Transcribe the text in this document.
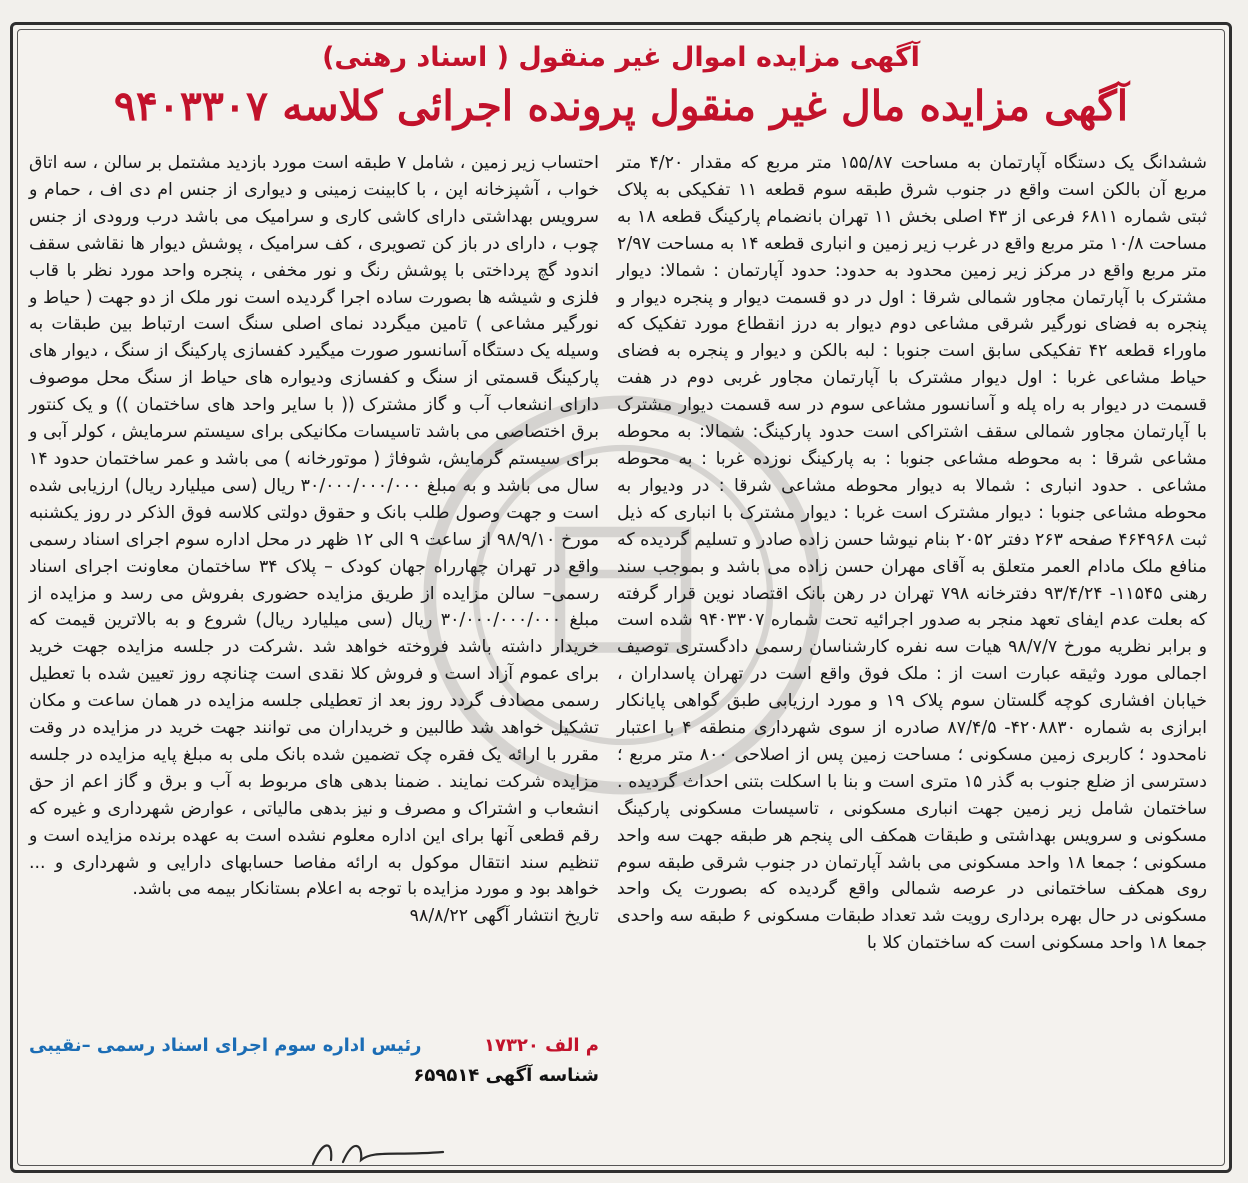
آگهی مزایده اموال غیر منقول ( اسناد رهنی)
آگهی مزایده مال غیر منقول پرونده اجرائی کلاسه ۹۴۰۳۳۰۷

ششدانگ یک دستگاه آپارتمان به مساحت ۱۵۵/۸۷ متر مربع که مقدار ۴/۲۰ متر مربع آن بالکن است واقع در جنوب شرق طبقه سوم قطعه ۱۱ تفکیکی به پلاک ثبتی شماره ۶۸۱۱ فرعی از ۴۳ اصلی بخش ۱۱ تهران بانضمام پارکینگ قطعه ۱۸ به مساحت ۱۰/۸ متر مربع واقع در غرب زیر زمین و انباری قطعه ۱۴ به مساحت ۲/۹۷ متر مربع واقع در مرکز زیر زمین محدود به حدود: حدود آپارتمان : شمالا: دیوار مشترک با آپارتمان مجاور شمالی شرقا : اول در دو قسمت دیوار و پنجره دیوار و پنجره به فضای نورگیر شرقی مشاعی دوم دیوار به درز انقطاع مورد تفکیک که ماوراء قطعه ۴۲ تفکیکی سابق است جنوبا : لبه بالکن و دیوار و پنجره به فضای حیاط مشاعی غربا : اول دیوار مشترک با آپارتمان مجاور غربی دوم در هفت قسمت در دیوار به راه پله و آسانسور مشاعی سوم در سه قسمت دیوار مشترک با آپارتمان مجاور شمالی سقف اشتراکی است حدود پارکینگ: شمالا: به محوطه مشاعی شرقا : به محوطه مشاعی جنوبا : به پارکینگ نوزده غربا : به محوطه مشاعی . حدود انباری : شمالا به دیوار محوطه مشاعی شرقا : در ودیوار به محوطه مشاعی جنوبا : دیوار مشترک است غربا : دیوار مشترک با انباری که ذیل ثبت ۴۶۴۹۶۸ صفحه ۲۶۳ دفتر ۲۰۵۲ بنام نیوشا حسن زاده صادر و تسلیم گردیده که منافع ملک مادام العمر متعلق به آقای مهران حسن زاده می باشد و بموجب سند رهنی ۱۱۵۴۵- ۹۳/۴/۲۴ دفترخانه ۷۹۸ تهران در رهن بانک اقتصاد نوین قرار گرفته که بعلت عدم ایفای تعهد منجر به صدور اجرائیه تحت شماره ۹۴۰۳۳۰۷ شده است و برابر نظریه مورخ ۹۸/۷/۷ هیات سه نفره کارشناسان رسمی دادگستری توصیف اجمالی مورد وثیقه عبارت است از : ملک فوق واقع است در تهران پاسداران ، خیابان افشاری کوچه گلستان سوم پلاک ۱۹ و مورد ارزیابی طبق گواهی پایانکار ابرازی به شماره ۴۲۰۸۸۳۰- ۸۷/۴/۵ صادره از سوی شهرداری منطقه ۴ با اعتبار نامحدود ؛ کاربری زمین مسکونی ؛ مساحت زمین پس از اصلاحی ۸۰۰ متر مربع ؛ دسترسی از ضلع جنوب به گذر ۱۵ متری است و بنا با اسکلت بتنی احداث گردیده . ساختمان شامل زیر زمین جهت انباری مسکونی ، تاسیسات مسکونی پارکینگ مسکونی و سرویس بهداشتی و طبقات همکف الی پنجم هر طبقه جهت سه واحد مسکونی ؛ جمعا ۱۸ واحد مسکونی می باشد آپارتمان در جنوب شرقی طبقه سوم روی همکف ساختمانی در عرصه شمالی واقع گردیده که بصورت یک واحد مسکونی در حال بهره برداری رویت شد تعداد طبقات مسکونی ۶ طبقه سه واحدی جمعا ۱۸ واحد مسکونی است که ساختمان کلا با

احتساب زیر زمین ، شامل ۷ طبقه است مورد بازدید مشتمل بر سالن ، سه اتاق خواب ، آشپزخانه اپن ، با کابینت زمینی و دیواری از جنس ام دی اف ، حمام و سرویس بهداشتی دارای کاشی کاری و سرامیک می باشد درب ورودی از جنس چوب ، دارای در باز کن تصویری ، کف سرامیک ، پوشش دیوار ها نقاشی سقف اندود گچ پرداختی با پوشش رنگ و نور مخفی ، پنجره واحد مورد نظر با قاب فلزی و شیشه ها بصورت ساده اجرا گردیده است نور ملک از دو جهت ( حیاط و نورگیر مشاعی ) تامین میگردد نمای اصلی سنگ است ارتباط بین طبقات به وسیله یک دستگاه آسانسور صورت میگیرد کفسازی پارکینگ از سنگ ، دیوار های پارکینگ قسمتی از سنگ و کفسازی ودیواره های حیاط از سنگ محل موصوف دارای انشعاب آب و گاز مشترک (( با سایر واحد های ساختمان )) و یک کنتور برق اختصاصی می باشد تاسیسات مکانیکی برای سیستم سرمایش ، کولر آبی و برای سیستم گرمایش، شوفاژ ( موتورخانه ) می باشد و عمر ساختمان حدود ۱۴ سال می باشد و به مبلغ ۳۰/۰۰۰/۰۰۰/۰۰۰ ریال (سی میلیارد ریال) ارزیابی شده است و جهت وصول طلب بانک و حقوق دولتی کلاسه فوق الذکر در روز یکشنبه مورخ ۹۸/۹/۱۰ از ساعت ۹ الی ۱۲ ظهر در محل اداره سوم اجرای اسناد رسمی واقع در تهران چهارراه جهان کودک – پلاک ۳۴ ساختمان معاونت اجرای اسناد رسمی– سالن مزایده از طریق مزایده حضوری بفروش می رسد و مزایده از مبلغ ۳۰/۰۰۰/۰۰۰/۰۰۰ ریال (سی میلیارد ریال) شروع و به بالاترین قیمت که خریدار داشته باشد فروخته خواهد شد .شرکت در جلسه مزایده جهت خرید برای عموم آزاد است و فروش کلا نقدی است چنانچه روز تعیین شده با تعطیل رسمی مصادف گردد روز بعد از تعطیلی جلسه مزایده در همان ساعت و مکان تشکیل خواهد شد طالبین و خریداران می توانند جهت خرید در مزایده در وقت مقرر با ارائه یک فقره چک تضمین شده بانک ملی به مبلغ پایه مزایده در جلسه مزایده شرکت نمایند . ضمنا بدهی های مربوط به آب و برق و گاز اعم از حق انشعاب و اشتراک و مصرف و نیز بدهی مالیاتی ، عوارض شهرداری و غیره که رقم قطعی آنها برای این اداره معلوم نشده است به عهده برنده مزایده است و تنظیم سند انتقال موکول به ارائه مفاصا حسابهای دارایی و شهرداری و ... خواهد بود و مورد مزایده با توجه به اعلام بستانکار بیمه می باشد.

تاریخ انتشار آگهی ۹۸/۸/۲۲

م الف ۱۷۳۲۰
رئیس اداره سوم اجرای اسناد رسمی –نقیبی
شناسه آگهی ۶۵۹۵۱۴
